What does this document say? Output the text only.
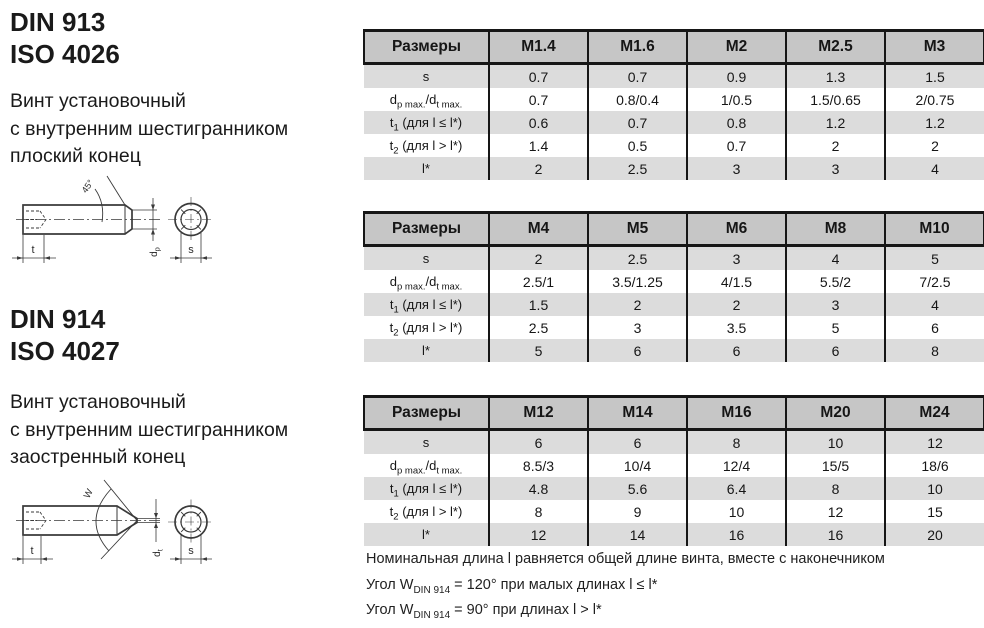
DIN 913
ISO 4026
Винт установочный
с внутренним шестигранником
плоский конец
45°
t	$d_p$ s
DIN 914
ISO 4027
Винт установочный
с внутренним шестигранником
заостренный конец
W
t	$d_t$ s
Размеры	M1.4	M1.6	M2	M2.5	M3
s	0.7	0.7	0.9	1.3	1.5
$d_{p max.}/d_{t max.}$	0.7	0.8/0.4	1/0.5	1.5/0.65	2/0.75
$t_1$ (для l ≤ l*)	0.6	0.7	0.8	1.2	1.2
$t_2$ (для l > l*)	1.4	0.5	0.7	2	2
l*	2	2.5	3	3	4
Размеры	M4	M5	M6	M8	M10
s	2	2.5	3	4	5
$d_{p max.}/d_{t max.}$	2.5/1	3.5/1.25	4/1.5	5.5/2	7/2.5
$t_1$ (для l ≤ l*)	1.5	2	2	3	4
$t_2$ (для l > l*)	2.5	3	3.5	5	6
l*	5	6	6	6	8
Размеры	M12	M14	M16	M20	M24
s	6	6	8	10	12
$d_{p max.}/d_{t max.}$	8.5/3	10/4	12/4	15/5	18/6
$t_1$ (для l ≤ l*)	4.8	5.6	6.4	8	10
$t_2$ (для l > l*)	8	9	10	12	15
l*	12	14	16	16	20
Номинальная длина l равняется общей длине винта, вместе с наконечником
Угол $W_{DIN 914} = 120^\circ$ при малых длинах l ≤ l*
Угол $W_{DIN 914} = 90^\circ$ при длинах l > l*
